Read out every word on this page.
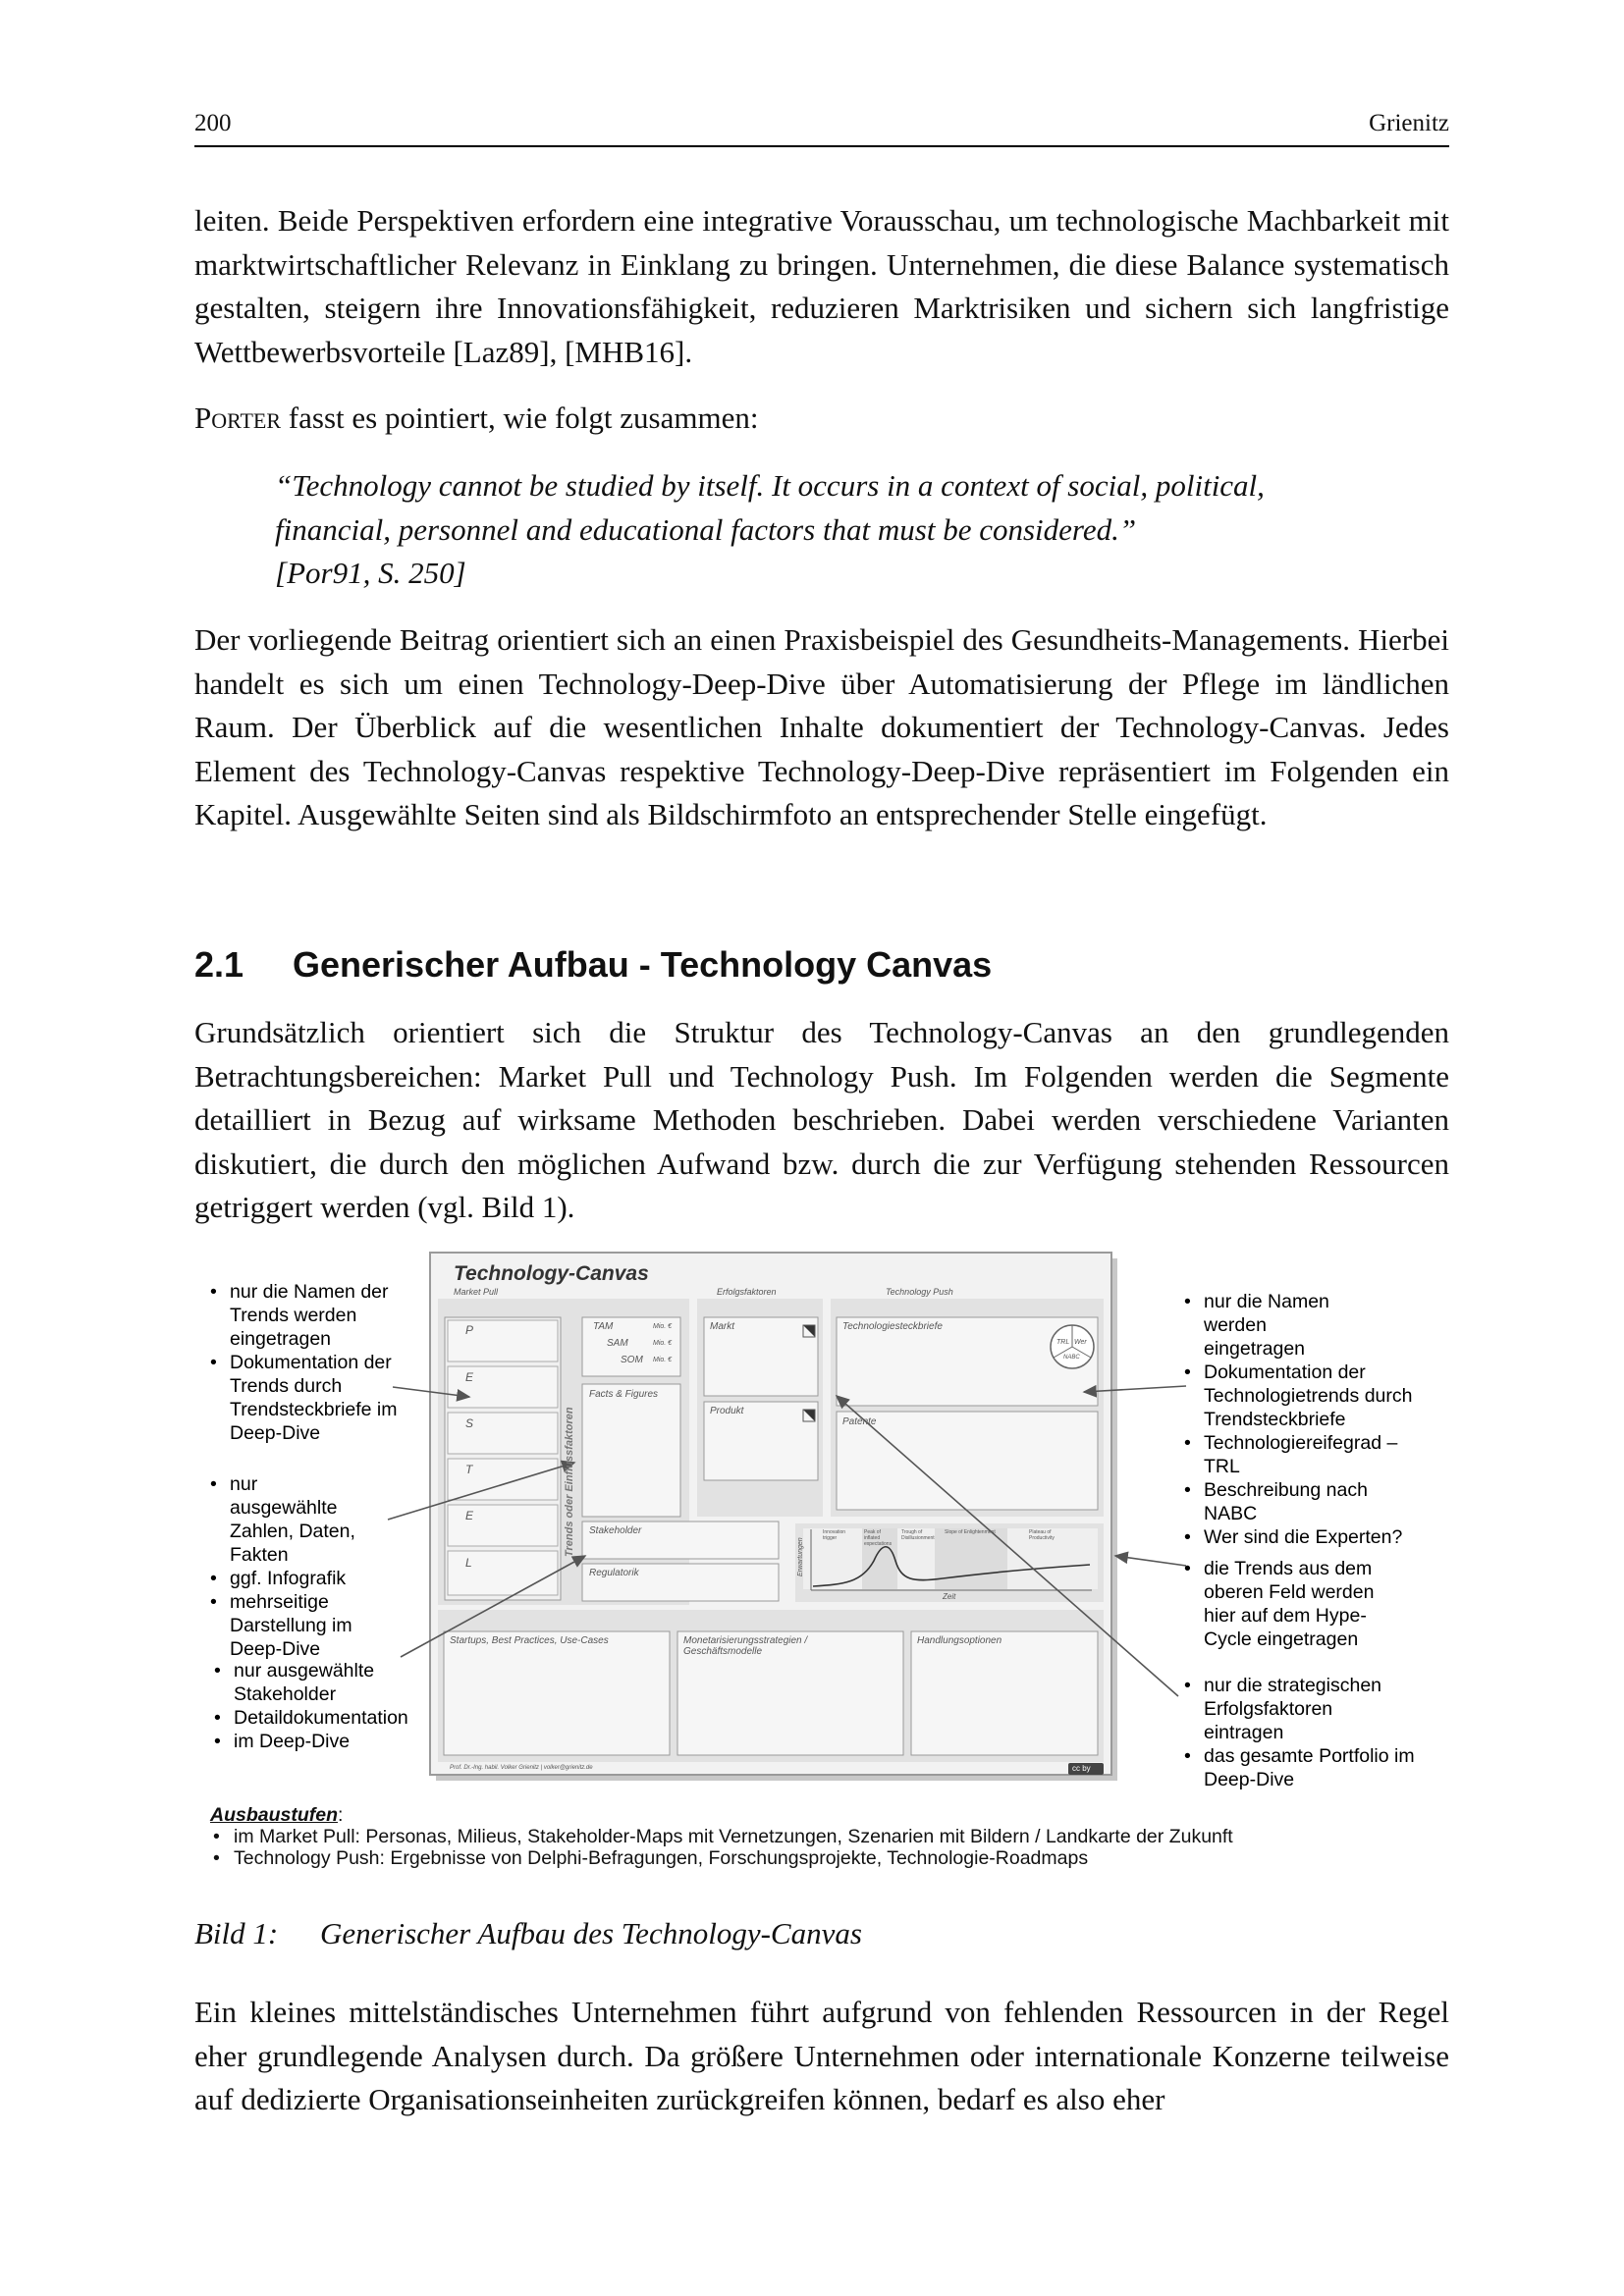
200	Grienitz

leiten. Beide Perspektiven erfordern eine integrative Vorausschau, um technologische Machbarkeit mit marktwirtschaftlicher Relevanz in Einklang zu bringen. Unternehmen, die diese Balance systematisch gestalten, steigern ihre Innovationsfähigkeit, reduzieren Marktrisiken und sichern sich langfristige Wettbewerbsvorteile [Laz89], [MHB16].

Porter fasst es pointiert, wie folgt zusammen:

“Technology cannot be studied by itself. It occurs in a context of social, political,
financial, personnel and educational factors that must be considered.”
[Por91, S. 250]

Der vorliegende Beitrag orientiert sich an einen Praxisbeispiel des Gesundheits-Managements. Hierbei handelt es sich um einen Technology-Deep-Dive über Automatisierung der Pflege im ländlichen Raum. Der Überblick auf die wesentlichen Inhalte dokumentiert der Technology-Canvas. Jedes Element des Technology-Canvas respektive Technology-Deep-Dive repräsentiert im Folgenden ein Kapitel. Ausgewählte Seiten sind als Bildschirmfoto an entsprechender Stelle eingefügt.

2.1 Generischer Aufbau - Technology Canvas

Grundsätzlich orientiert sich die Struktur des Technology-Canvas an den grundlegenden Betrachtungsbereichen: Market Pull und Technology Push. Im Folgenden werden die Segmente detailliert in Bezug auf wirksame Methoden beschrieben. Dabei werden verschiedene Varianten diskutiert, die durch den möglichen Aufwand bzw. durch die zur Verfügung stehenden Ressourcen getriggert werden (vgl. Bild 1).

Technology-Canvas
Market Pull	Erfolgsfaktoren	Technology Push
P
E
S
T
E
L
Trends oder Einflussfaktoren
TAM
SAM
SOM
Mio. €
Mio. €
Mio. €
Facts & Figures
Stakeholder
Regulatorik
Markt
Produkt
Technologiesteckbriefe
TRL Wer
NABC
Patente
Erwartungen
Zeit
Innovation trigger
Peak of inflated expectations
Trough of Disillusionment
Slope of Enlightenment	Plateau of Productivity
Startups, Best Practices, Use-Cases	Monetarisierungsstrategien / Geschäftsmodelle
Handlungsoptionen
Prof. Dr.-Ing. habil. Volker Grienitz | volker@grienitz.de	cc by
• nur die Namen der Trends werden eingetragen
• Dokumentation der Trends durch Trendsteckbriefe im Deep-Dive
• nur ausgewählte Zahlen, Daten, Fakten
• ggf. Infografik
• mehrseitige Darstellung im Deep-Dive
• nur ausgewählte Stakeholder
• Detaildokumentation
• im Deep-Dive
• nur die Namen werden eingetragen
• Dokumentation der Technologietrends durch Trendsteckbriefe
• Technologiereifegrad – TRL
• Beschreibung nach NABC
• Wer sind die Experten?
• die Trends aus dem oberen Feld werden hier auf dem Hype-Cycle eingetragen
• nur die strategischen Erfolgsfaktoren eintragen
• das gesamte Portfolio im Deep-Dive
Ausbaustufen:
• im Market Pull: Personas, Milieus, Stakeholder-Maps mit Vernetzungen, Szenarien mit Bildern / Landkarte der Zukunft
• Technology Push: Ergebnisse von Delphi-Befragungen, Forschungsprojekte, Technologie-Roadmaps

Bild 1: Generischer Aufbau des Technology-Canvas

Ein kleines mittelständisches Unternehmen führt aufgrund von fehlenden Ressourcen in der Regel eher grundlegende Analysen durch. Da größere Unternehmen oder internationale Konzerne teilweise auf dedizierte Organisationseinheiten zurückgreifen können, bedarf es also eher
